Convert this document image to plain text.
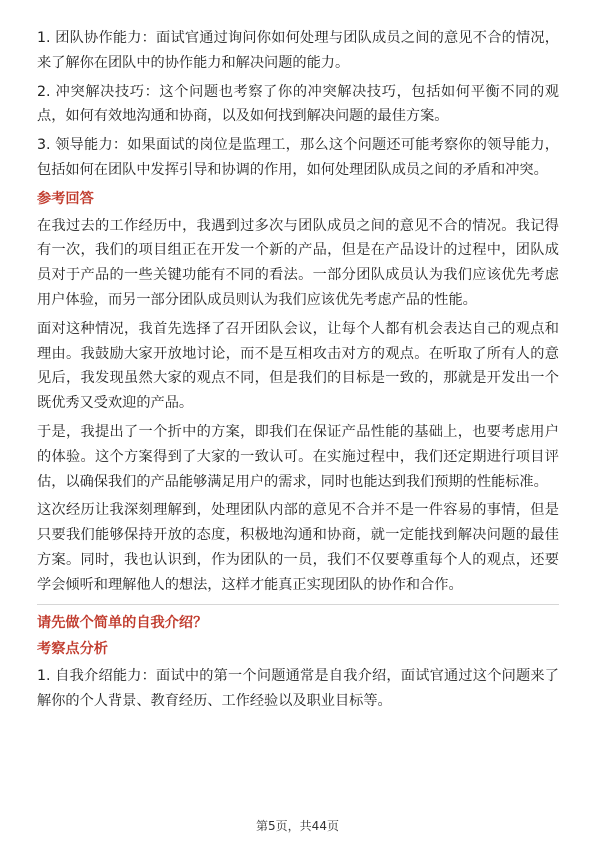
1. 团队协作能力：面试官通过询问你如何处理与团队成员之间的意见不合的情况，来了解你在团队中的协作能力和解决问题的能力。

2. 冲突解决技巧：这个问题也考察了你的冲突解决技巧，包括如何平衡不同的观点，如何有效地沟通和协商，以及如何找到解决问题的最佳方案。

3. 领导能力：如果面试的岗位是监理工，那么这个问题还可能考察你的领导能力，包括如何在团队中发挥引导和协调的作用，如何处理团队成员之间的矛盾和冲突。

参考回答

在我过去的工作经历中，我遇到过多次与团队成员之间的意见不合的情况。我记得有一次，我们的项目组正在开发一个新的产品，但是在产品设计的过程中，团队成员对于产品的一些关键功能有不同的看法。一部分团队成员认为我们应该优先考虑用户体验，而另一部分团队成员则认为我们应该优先考虑产品的性能。

面对这种情况，我首先选择了召开团队会议，让每个人都有机会表达自己的观点和理由。我鼓励大家开放地讨论，而不是互相攻击对方的观点。在听取了所有人的意见后，我发现虽然大家的观点不同，但是我们的目标是一致的，那就是开发出一个既优秀又受欢迎的产品。

于是，我提出了一个折中的方案，即我们在保证产品性能的基础上，也要考虑用户的体验。这个方案得到了大家的一致认可。在实施过程中，我们还定期进行项目评估，以确保我们的产品能够满足用户的需求，同时也能达到我们预期的性能标准。

这次经历让我深刻理解到，处理团队内部的意见不合并不是一件容易的事情，但是只要我们能够保持开放的态度，积极地沟通和协商，就一定能找到解决问题的最佳方案。同时，我也认识到，作为团队的一员，我们不仅要尊重每个人的观点，还要学会倾听和理解他人的想法，这样才能真正实现团队的协作和合作。

请先做个简单的自我介绍？
考察点分析

1. 自我介绍能力：面试中的第一个问题通常是自我介绍，面试官通过这个问题来了解你的个人背景、教育经历、工作经验以及职业目标等。

第5页，共44页
